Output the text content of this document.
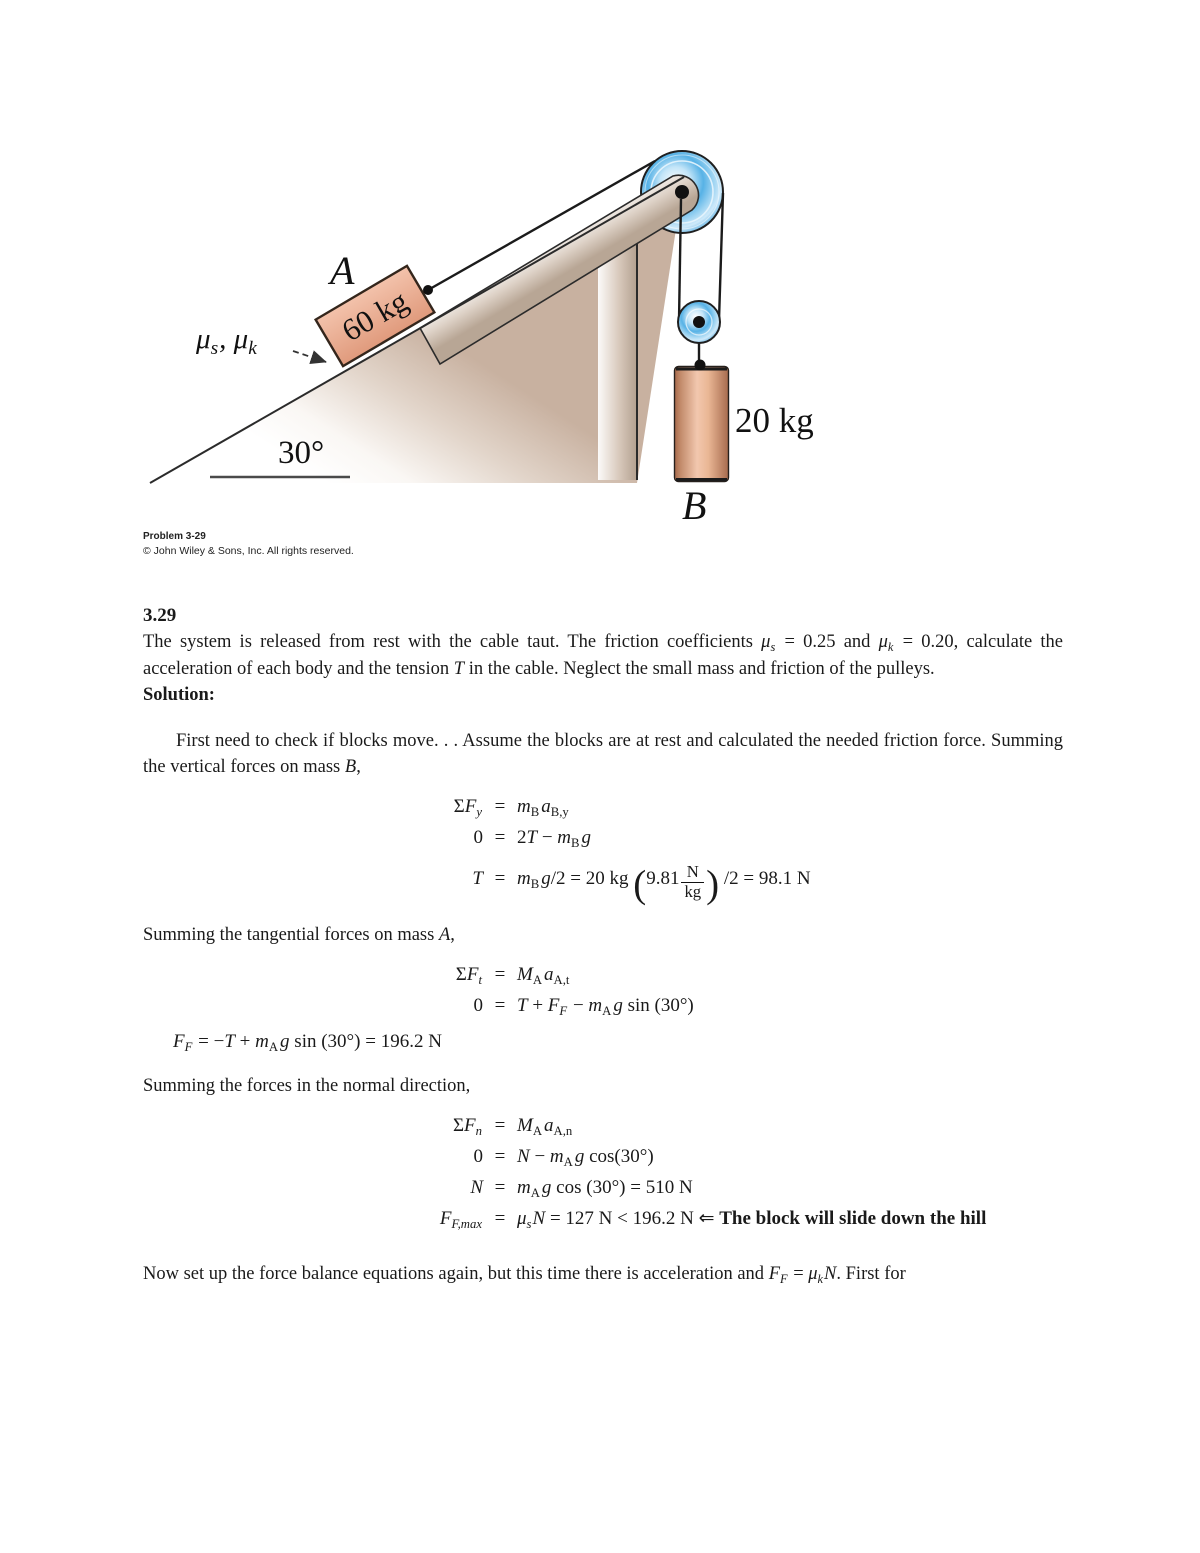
A
60 kg
$\mu_s$, $\mu_k$
30°
20 kg
B
Problem 3-29
© John Wiley & Sons, Inc. All rights reserved.
3.29

The system is released from rest with the cable taut. The friction coefficients $\mu_s = 0.25$ and $\mu_k = 0.20$, calculate the acceleration of each body and the tension T in the cable. Neglect the small mass and friction of the pulleys.

Solution:

First need to check if blocks move. . . Assume the blocks are at rest and calculated the needed friction force. Summing the vertical forces on mass B,

$\Sigma F_y = m_B$ $a_{B,y}$
$0 = 2T - m_B$ g
$T = m_B$ g/2 = 20 kg ($9.81 \frac{N}{kg}$ ) /2 = 98.1 N

Summing the tangential forces on mass A,

$\Sigma F_t = M_A$ $a_{A,t}$
$0 = T + F_F - m_A$ g sin (30°)
$F_F = -T + m_A$ g sin (30°) = 196.2 N

Summing the forces in the normal direction,

$\Sigma F_n = M_A$ $a_{A,n}$
$0 = N - m_A$ g cos(30°)
$N = m_A$ g cos (30°) = 510 N
$F_{F,max} = \mu_sN = 127$ N < 196.2 N ⇐ The block will slide down the hill

Now set up the force balance equations again, but this time there is acceleration and $F_F = \mu_kN$. First for
